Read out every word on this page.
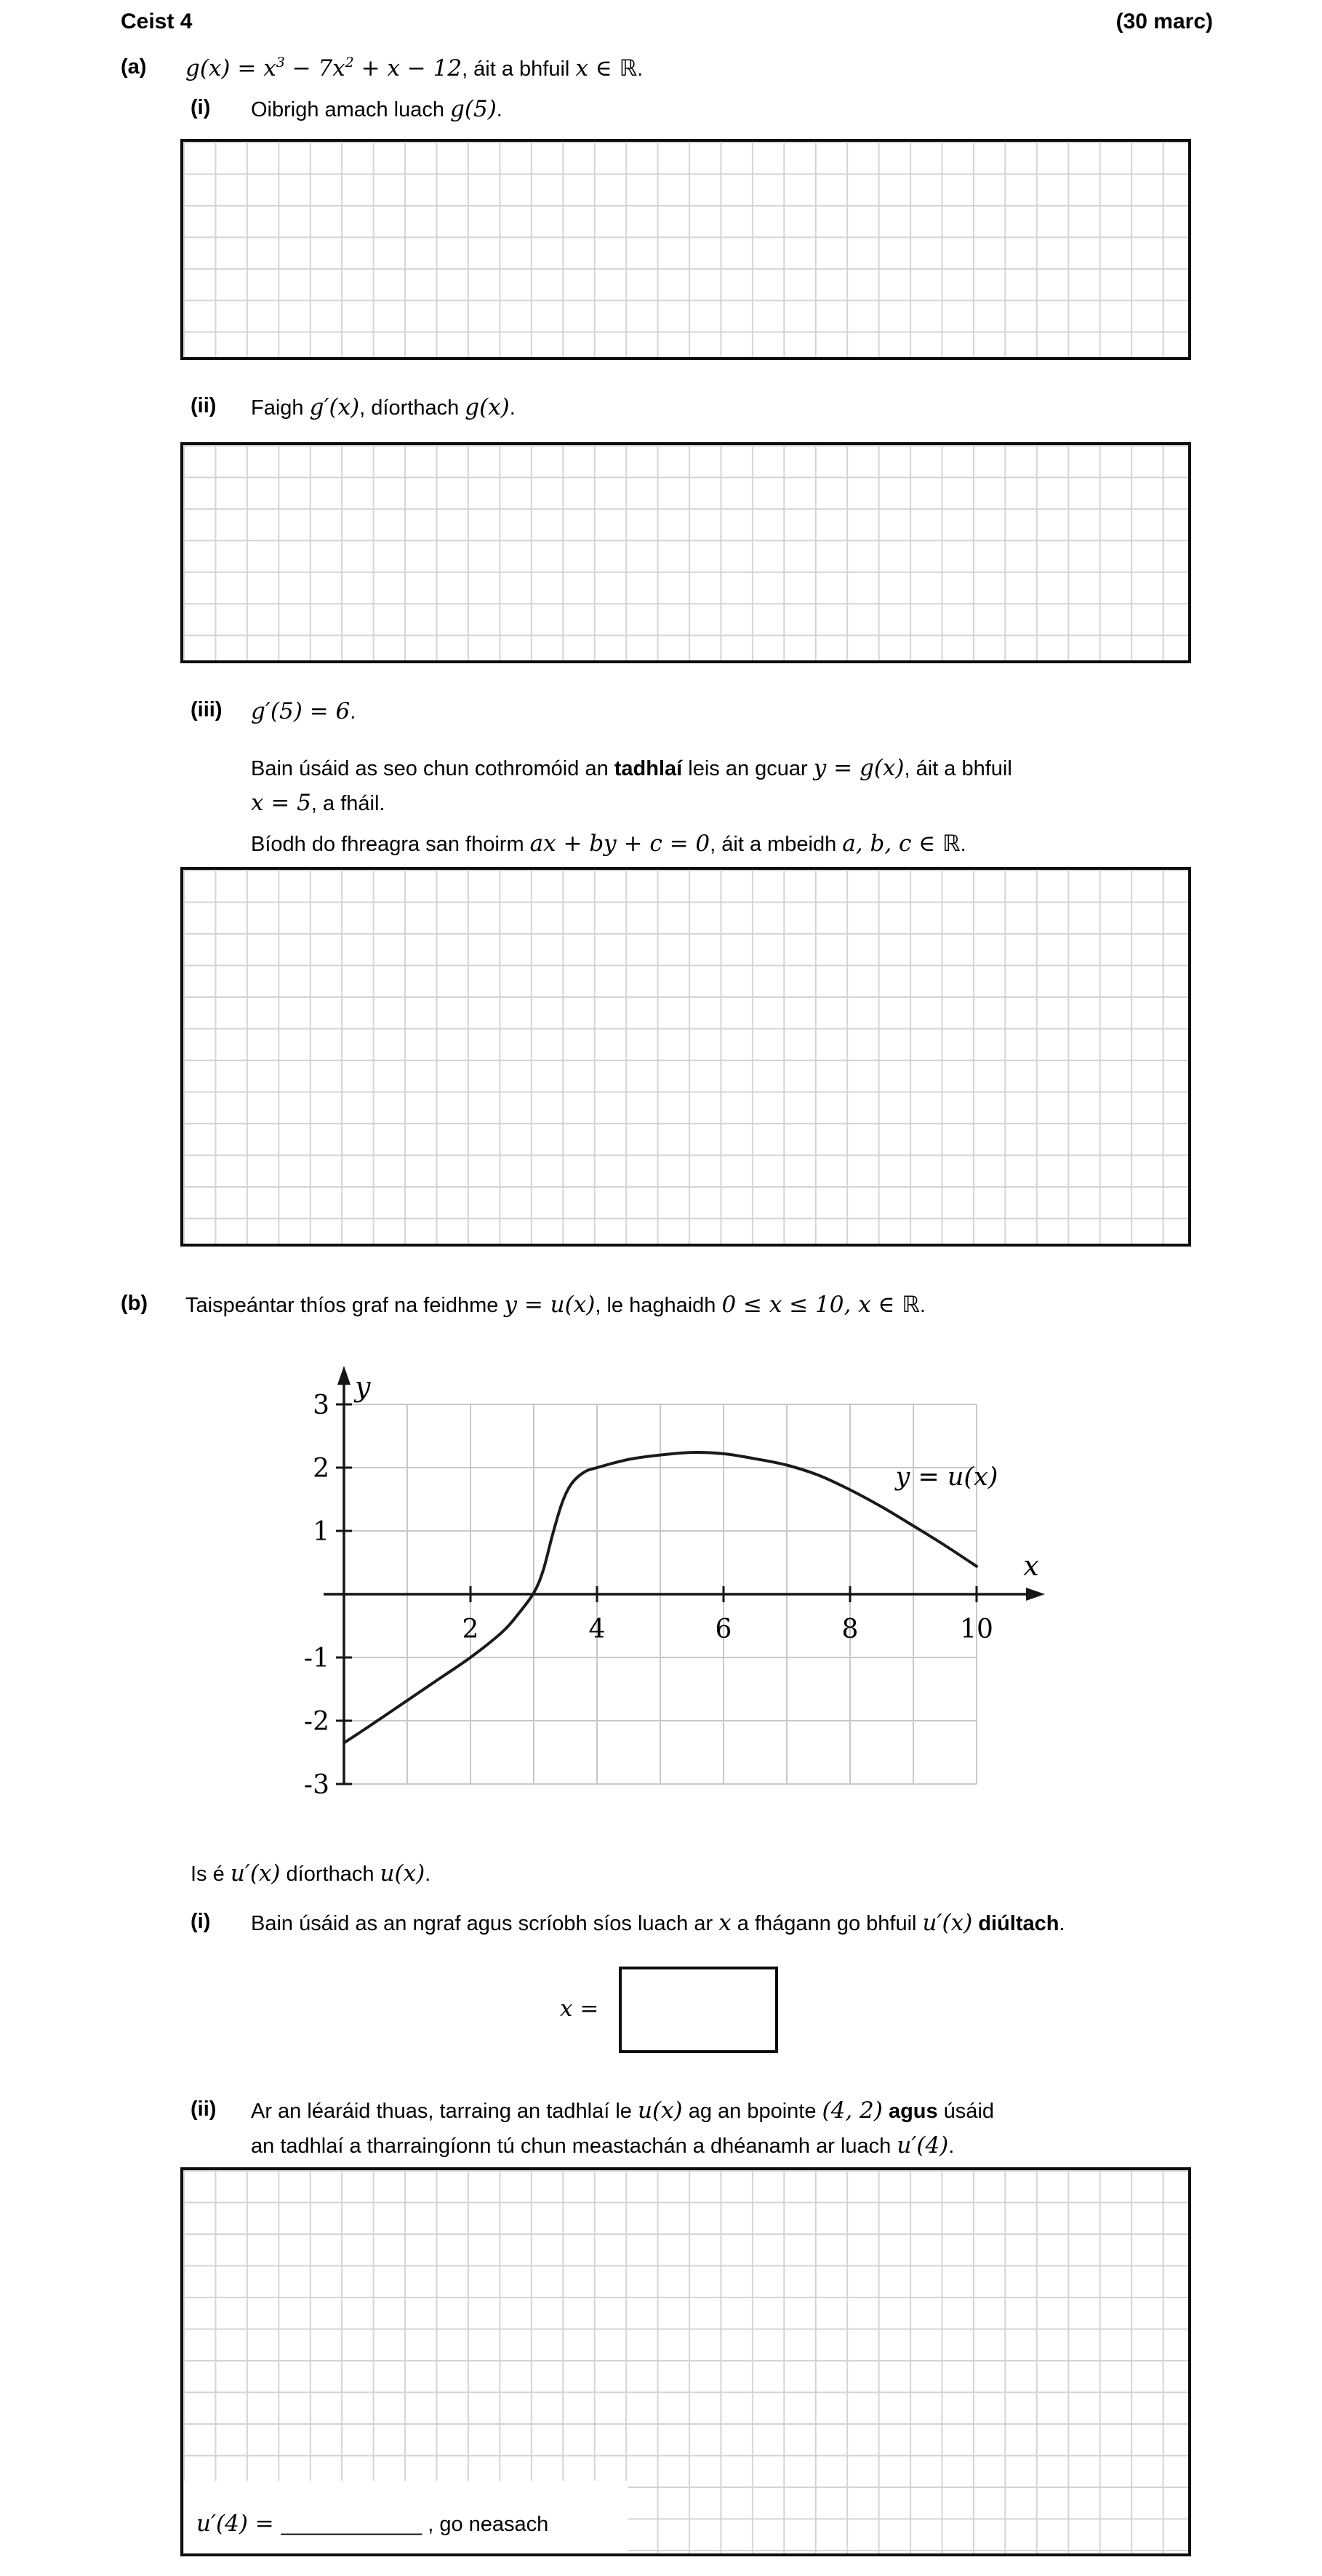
Ceist 4	(30 marc)
(a) $g(x) = x^3 - 7x^2 + x - 12$, áit a bhfuil x ∈ ℝ.
(i) Oibrigh amach luach g(5).
(ii) Faigh g′(x), díorthach g(x).
(iii) g′(5) = 6.
Bain úsáid as seo chun cothromóid an tadhlaí leis an gcuar y = g(x), áit a bhfuil
x = 5, a fháil.
Bíodh do fhreagra san fhoirm ax + by + c = 0, áit a mbeidh a, b, c ∈ ℝ.
(b) Taispeántar thíos graf na feidhme y = u(x), le haghaidh 0 ≤ x ≤ 10, x ∈ ℝ.
3
2
1
-1
-2
-3
2	4	6	8	10
y
x
y = u(x)
Is é u′(x) díorthach u(x).
(i) Bain úsáid as an ngraf agus scríobh síos luach ar x a fhágann go bhfuil u′(x) diúltach.
x =
(ii) Ar an léaráid thuas, tarraing an tadhlaí le u(x) ag an bpointe (4, 2) agus úsáid
an tadhlaí a tharraingíonn tú chun meastachán a dhéanamh ar luach u′(4).
u′(4) = ____________ , go neasach
